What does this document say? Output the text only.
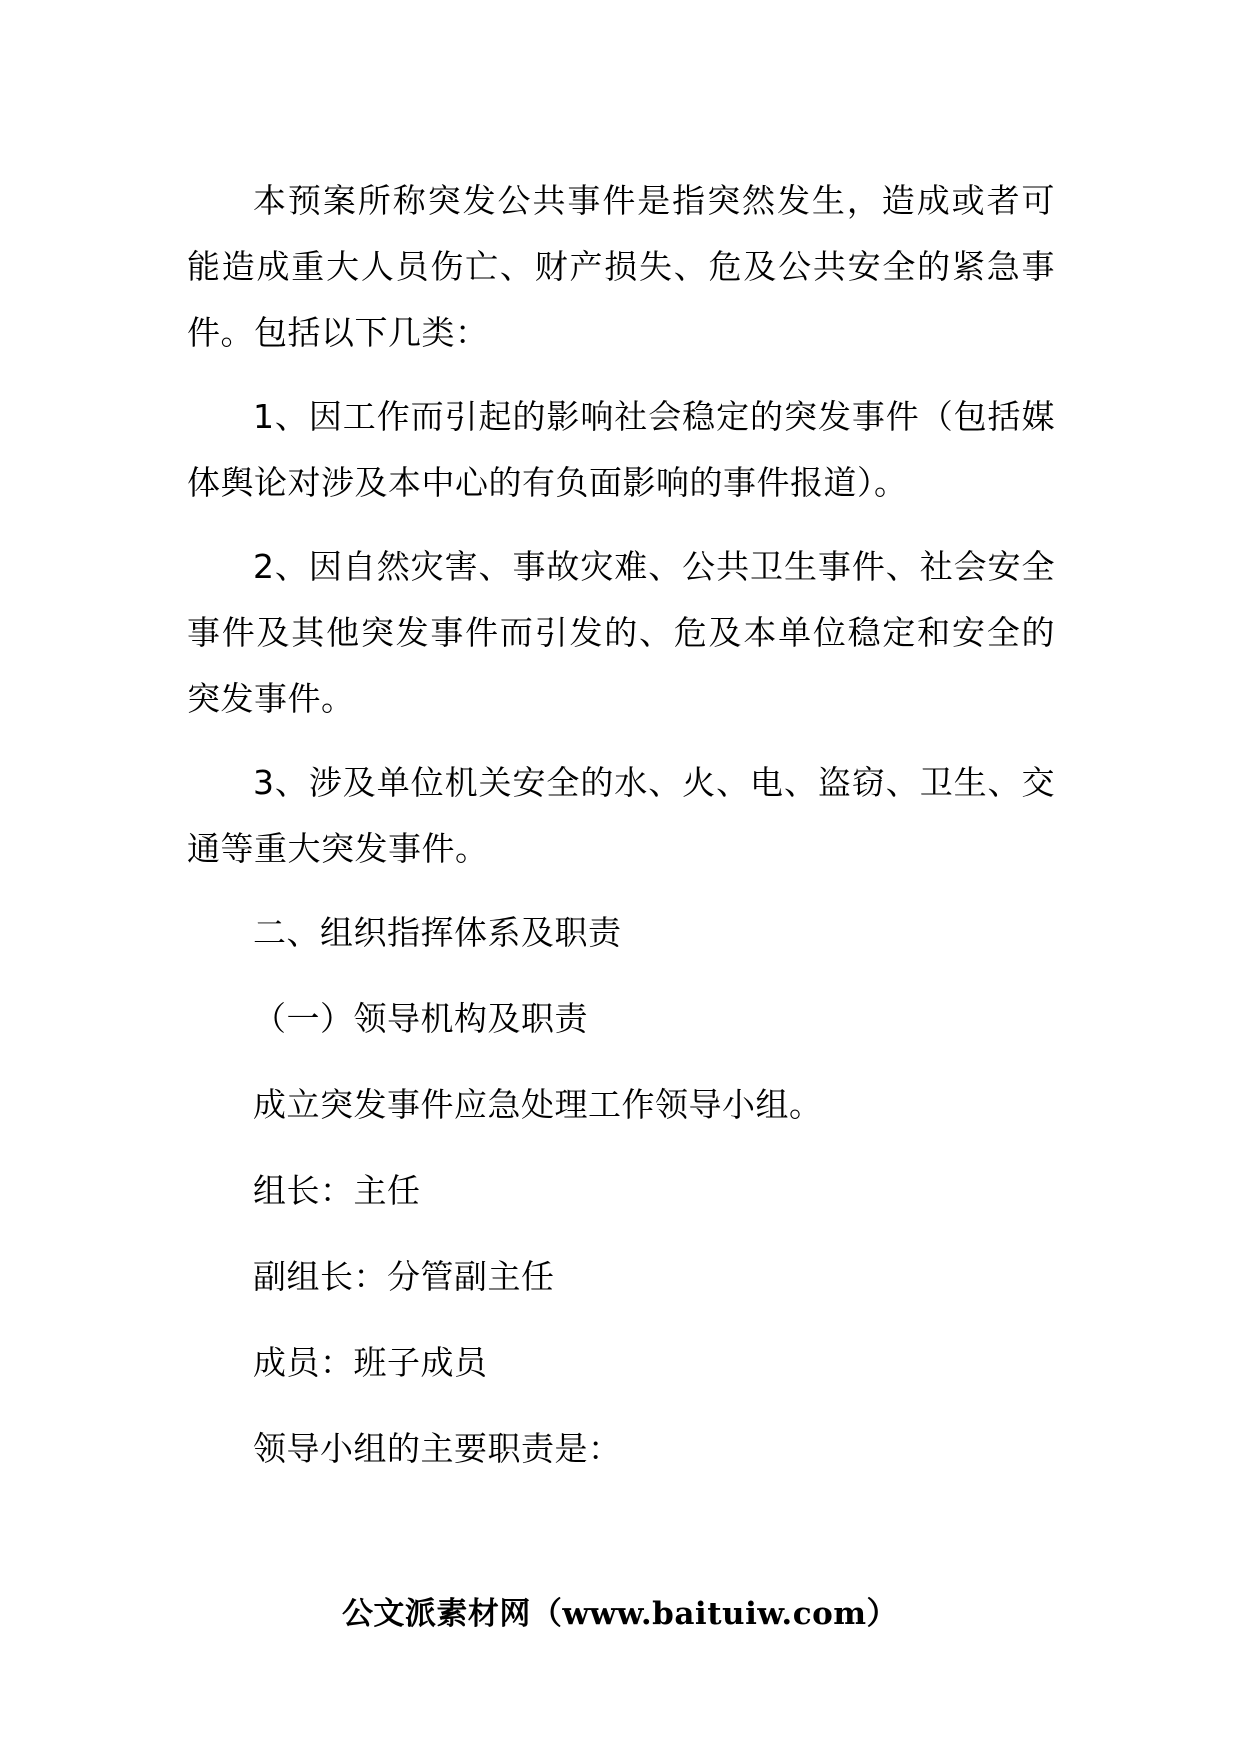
本预案所称突发公共事件是指突然发生，造成或者可能造成重大人员伤亡、财产损失、危及公共安全的紧急事件。包括以下几类：

1、因工作而引起的影响社会稳定的突发事件（包括媒体舆论对涉及本中心的有负面影响的事件报道）。

2、因自然灾害、事故灾难、公共卫生事件、社会安全事件及其他突发事件而引发的、危及本单位稳定和安全的突发事件。

3、涉及单位机关安全的水、火、电、盗窃、卫生、交通等重大突发事件。

二、组织指挥体系及职责

（一）领导机构及职责

成立突发事件应急处理工作领导小组。

组长：主任

副组长：分管副主任

成员：班子成员

领导小组的主要职责是：

公文派素材网（www.baituiw.com）
